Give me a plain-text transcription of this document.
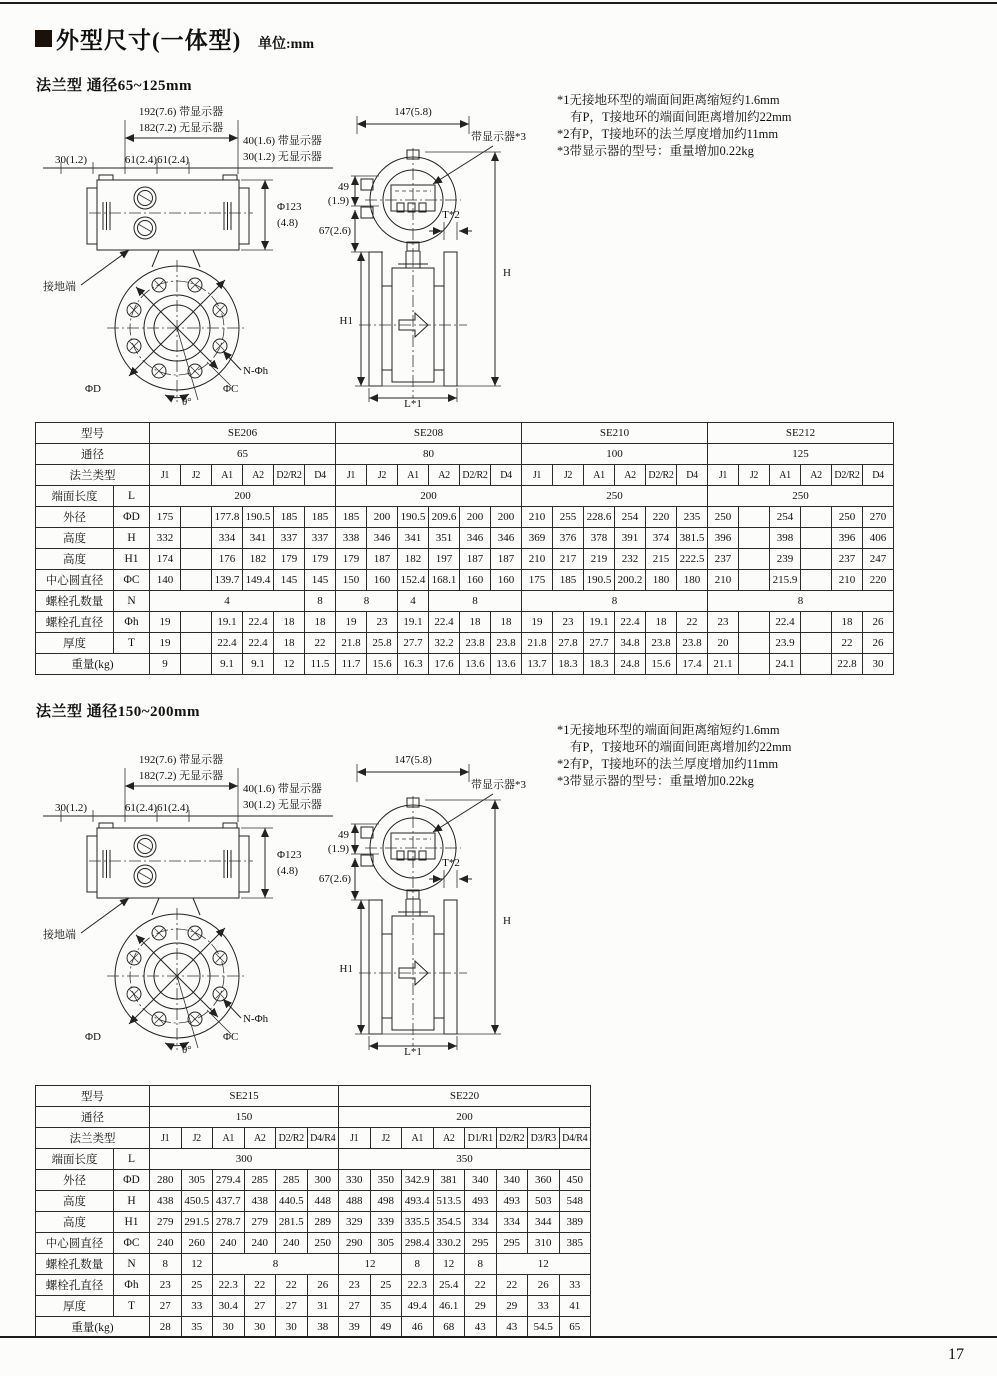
外型尺寸(一体型) 单位:mm
法兰型 通径65~125mm
*1无接地环型的端面间距离缩短约1.6mm
有P，T接地环的端面间距离增加约22mm
*2有P，T接地环的法兰厚度增加约11mm
*3带显示器的型号：重量增加0.22kg
192(7.6) 带显示器
182(7.2) 无显示器
40(1.6) 带显示器
30(1.2) 无显示器
30(1.2)	61(2.4)61(2.4)
Φ123
(4.8)
接地端
ΦD	ΦC
N-Φh
θ°
147(5.8)
带显示器*3
49
(1.9)
67(2.6)
T*2
H
H1
L*1
型号		SE206						SE208						SE210						SE212					
通径		65						80						100						125					
法兰类型		J1	J2	A1	A2	D2/R2	D4	J1	J2	A1	A2	D2/R2	D4	J1	J2	A1	A2	D2/R2	D4	J1	J2	A1	A2	D2/R2	D4
端面长度	L	200						200						250						250					
外径	ΦD	175		177.8	190.5	185	185	185	200	190.5	209.6	200	200	210	255	228.6	254	220	235	250		254		250	270
高度	H	332		334	341	337	337	338	346	341	351	346	346	369	376	378	391	374	381.5	396		398		396	406
高度	H1	174		176	182	179	179	179	187	182	197	187	187	210	217	219	232	215	222.5	237		239		237	247
中心圆直径	ΦC	140		139.7	149.4	145	145	150	160	152.4	168.1	160	160	175	185	190.5	200.2	180	180	210		215.9		210	220
螺栓孔数量	N	4					8	8		4	8			8						8					
螺栓孔直径	Φh	19		19.1	22.4	18	18	19	23	19.1	22.4	18	18	19	23	19.1	22.4	18	22	23		22.4		18	26
厚度	T	19		22.4	22.4	18	22	21.8	25.8	27.7	32.2	23.8	23.8	21.8	27.8	27.7	34.8	23.8	23.8	20		23.9		22	26
重量(kg)		9		9.1	9.1	12	11.5	11.7	15.6	16.3	17.6	13.6	13.6	13.7	18.3	18.3	24.8	15.6	17.4	21.1		24.1		22.8	30
法兰型 通径150~200mm
*1无接地环型的端面间距离缩短约1.6mm
有P，T接地环的端面间距离增加约22mm
*2有P，T接地环的法兰厚度增加约11mm
*3带显示器的型号：重量增加0.22kg
192(7.6) 带显示器
182(7.2) 无显示器
40(1.6) 带显示器
30(1.2) 无显示器
30(1.2)	61(2.4)61(2.4)
Φ123
(4.8)
接地端
ΦD	ΦC
N-Φh
θ°
147(5.8)
带显示器*3
49
(1.9)
67(2.6)
T*2
H
H1
L*1
型号		SE215						SE220							
通径		150						200							
法兰类型		J1	J2	A1	A2	D2/R2	D4/R4	J1	J2	A1	A2	D1/R1	D2/R2	D3/R3	D4/R4
端面长度	L	300						350							
外径	ΦD	280	305	279.4	285	285	300	330	350	342.9	381	340	340	360	450
高度	H	438	450.5	437.7	438	440.5	448	488	498	493.4	513.5	493	493	503	548
高度	H1	279	291.5	278.7	279	281.5	289	329	339	335.5	354.5	334	334	344	389
中心圆直径	ΦC	240	260	240	240	240	250	290	305	298.4	330.2	295	295	310	385
螺栓孔数量	N	8	12	8				12		8	12	8	12		
螺栓孔直径	Φh	23	25	22.3	22	22	26	23	25	22.3	25.4	22	22	26	33
厚度	T	27	33	30.4	27	27	31	27	35	49.4	46.1	29	29	33	41
重量(kg)		28	35	30	30	30	38	39	49	46	68	43	43	54.5	65
17
